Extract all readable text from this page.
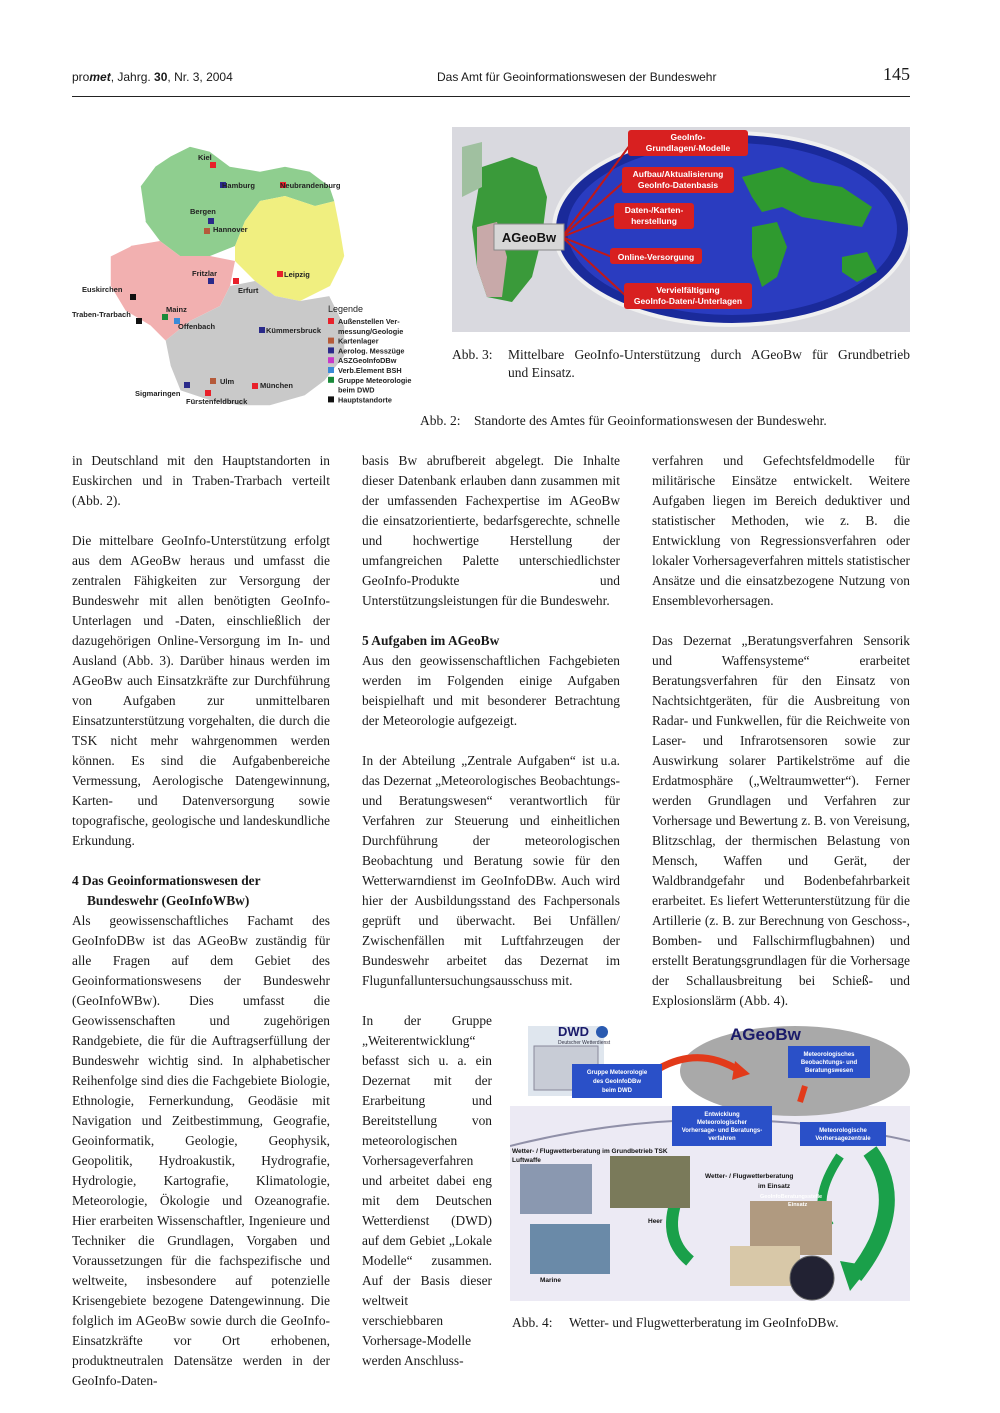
promet, Jahrg. 30, Nr. 3, 2004	Das Amt für Geoinformationswesen der Bundeswehr	145
Kiel
Hamburg	Neubrandenburg
Bergen
Hannover
Fritzlar
Erfurt
Leipzig
Euskirchen
Traben-Trarbach
Mainz
Offenbach	Kümmersbruck
Ulm	München
Sigmaringen
Fürstenfeldbruck
Legende
Außenstellen Ver-
messung/Geologie
Kartenlager
Aerolog. Messzüge
ASZGeoInfoDBw
Verb.Element BSH
Gruppe Meteorologie
beim DWD
Hauptstandorte
AGeoBw
GeoInfo-
Grundlagen/-Modelle
Aufbau/Aktualisierung
GeoInfo-Datenbasis
Daten-/Karten-
herstellung
Online-Versorgung
Vervielfältigung
GeoInfo-Daten/-Unterlagen
Abb. 3: Mittelbare GeoInfo-Unterstützung durch AGeoBw für Grundbetrieb
und Einsatz.
Abb. 2: Standorte des Amtes für Geoinformationswesen der Bundeswehr.

in Deutschland mit den Hauptstandorten in Euskirchen und in Traben-Trarbach verteilt (Abb. 2).

Die mittelbare GeoInfo-Unterstützung erfolgt aus dem AGeoBw heraus und umfasst die zentralen Fähigkeiten zur Versorgung der Bundeswehr mit allen benötigten GeoInfo-Unterlagen und -Daten, einschließlich der dazugehörigen Online-Versorgung im In- und Ausland (Abb. 3). Darüber hinaus werden im AGeoBw auch Einsatzkräfte zur Durchführung von Aufgaben zur unmittelbaren Einsatzunterstützung vorgehalten, die durch die TSK nicht mehr wahrgenommen werden können. Es sind die Aufgabenbereiche Vermessung, Aerologische Datengewinnung, Karten- und Datenversorgung sowie topografische, geologische und landeskundliche Erkundung.

4 Das Geoinformationswesen der
Bundeswehr (GeoInfoWBw)

Als geowissenschaftliches Fachamt des GeoInfoDBw ist das AGeoBw zuständig für alle Fragen auf dem Gebiet des Geoinformationswesens der Bundeswehr (GeoInfoWBw). Dies umfasst die Geowissenschaften und zugehörigen Randgebiete, die für die Auftragserfüllung der Bundeswehr wichtig sind. In alphabetischer Reihenfolge sind dies die Fachgebiete Biologie, Ethnologie, Fernerkundung, Geodäsie mit Navigation und Zeitbestimmung, Geografie, Geoinformatik, Geologie, Geophysik, Geopolitik, Hydroakustik, Hydrografie, Hydrologie, Kartografie, Klimatologie, Meteorologie, Ökologie und Ozeanografie. Hier erarbeiten Wissenschaftler, Ingenieure und Techniker die Grundlagen, Vorgaben und Voraussetzungen für die fachspezifische und weltweite, insbesondere auf potenzielle Krisengebiete bezogene Datengewinnung. Die folglich im AGeoBw sowie durch die GeoInfo-Einsatzkräfte vor Ort erhobenen, produktneutralen Datensätze werden in der GeoInfo-Daten-

basis Bw abrufbereit abgelegt. Die Inhalte dieser Datenbank erlauben dann zusammen mit der umfassenden Fachexpertise im AGeoBw die einsatzorientierte, bedarfsgerechte, schnelle und hochwertige Herstellung der umfangreichen Palette unterschiedlichster GeoInfo-Produkte und Unterstützungsleistungen für die Bundeswehr.

5 Aufgaben im AGeoBw

Aus den geowissenschaftlichen Fachgebieten werden im Folgenden einige Aufgaben beispielhaft und mit besonderer Betrachtung der Meteorologie aufgezeigt.

In der Abteilung „Zentrale Aufgaben“ ist u.a. das Dezernat „Meteorologisches Beobachtungs- und Beratungswesen“ verantwortlich für Verfahren zur Steuerung und einheitlichen Durchführung der meteorologischen Beobachtung und Beratung sowie für den Wetterwarndienst im GeoInfoDBw. Auch wird hier der Ausbildungsstand des Fachpersonals geprüft und überwacht. Bei Unfällen/ Zwischenfällen mit Luftfahrzeugen der Bundeswehr arbeitet das Dezernat im Flugunfalluntersuchungsausschuss mit.

In der Gruppe „Weiterentwicklung“ befasst sich u. a. ein Dezernat mit der Erarbeitung und Bereitstellung von meteorologischen Vorhersageverfahren und arbeitet dabei eng mit dem Deutschen Wetterdienst (DWD) auf dem Gebiet „Lokale Modelle“ zusammen. Auf der Basis dieser weltweit verschiebbaren Vorhersage-Modelle werden Anschluss-

verfahren und Gefechtsfeldmodelle für militärische Einsätze entwickelt. Weitere Aufgaben liegen im Bereich deduktiver und statistischer Methoden, wie z. B. die Entwicklung von Regressionsverfahren oder lokaler Vorhersageverfahren mittels statistischer Ansätze und die einsatzbezogene Nutzung von Ensemblevorhersagen.

Das Dezernat „Beratungsverfahren Sensorik und Waffensysteme“ erarbeitet Beratungsverfahren für den Einsatz von Nachtsichtgeräten, für die Ausbreitung von Radar- und Funkwellen, für die Reichweite von Laser- und Infrarotsensoren sowie zur Auswirkung solarer Partikelströme auf die Erdatmosphäre („Weltraumwetter“). Ferner werden Grundlagen und Verfahren zur Vorhersage und Bewertung z. B. von Vereisung, Blitzschlag, der thermischen Belastung von Mensch, Waffen und Gerät, der Waldbrandgefahr und Bodenbefahrbarkeit erarbeitet. Es liefert Wetterunterstützung für die Artillerie (z. B. zur Berechnung von Geschoss-, Bomben- und Fallschirmflugbahnen) und erstellt Beratungsgrundlagen für die Vorhersage der Schallausbreitung bei Schieß- und Explosionslärm (Abb. 4).

AGeoBw
DWD
Deutscher Wetterdienst
Gruppe Meteorologie
des GeoInfoDBw
beim DWD
Entwicklung
Meteorologischer
Vorhersage- und Beratungs-
verfahren
Meteorologisches
Beobachtungs- und
Beratungswesen
Meteorologische
Vorhersagezentrale
Wetter- / Flugwetterberatung im Grundbetrieb TSK
Luftwaffe
Wetter- / Flugwetterberatung
im Einsatz
Heer
Marine
GeoInfoBeratungsstelle
Einsatz
Abb. 4: Wetter- und Flugwetterberatung im GeoInfoDBw.
